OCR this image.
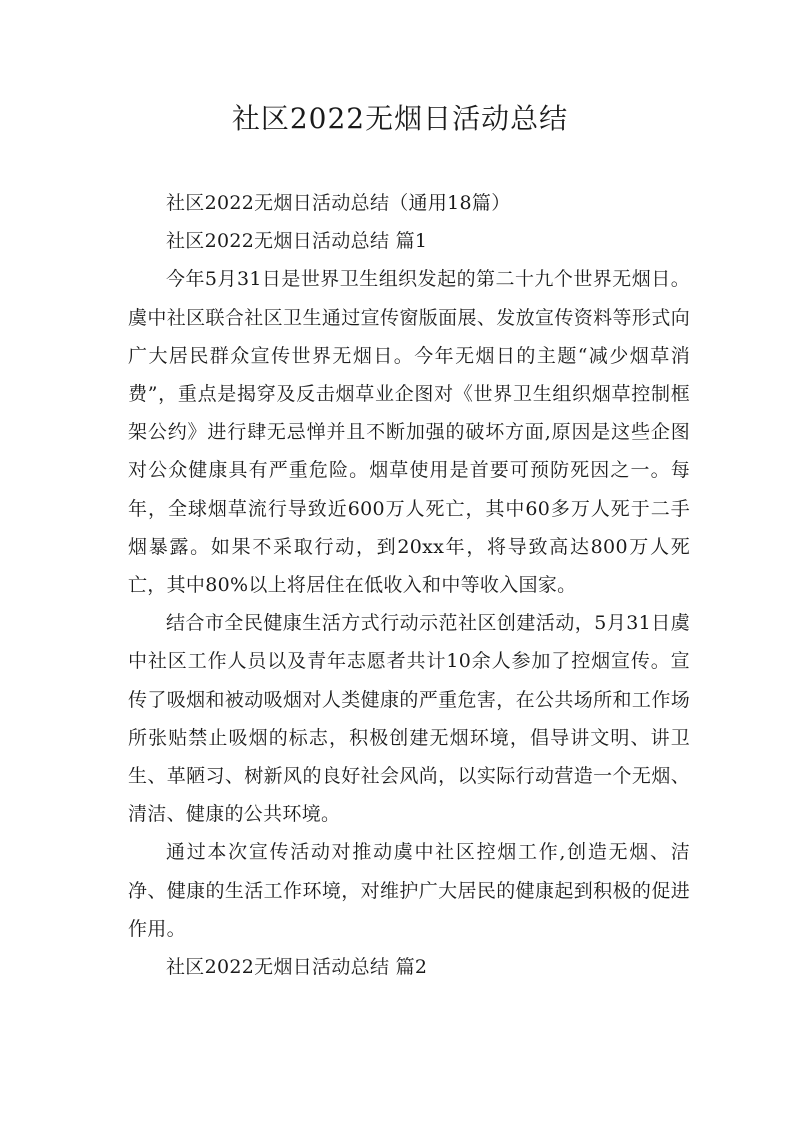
社区2022无烟日活动总结

社区2022无烟日活动总结（通用18篇）

社区2022无烟日活动总结 篇1

今年5月31日是世界卫生组织发起的第二十九个世界无烟日。虞中社区联合社区卫生通过宣传窗版面展、发放宣传资料等形式向广大居民群众宣传世界无烟日。今年无烟日的主题“减少烟草消费”，重点是揭穿及反击烟草业企图对《世界卫生组织烟草控制框架公约》进行肆无忌惮并且不断加强的破坏方面,原因是这些企图对公众健康具有严重危险。烟草使用是首要可预防死因之一。每年，全球烟草流行导致近600万人死亡，其中60多万人死于二手烟暴露。如果不采取行动，到20xx年，将导致高达800万人死亡，其中80%以上将居住在低收入和中等收入国家。

结合市全民健康生活方式行动示范社区创建活动，5月31日虞中社区工作人员以及青年志愿者共计10余人参加了控烟宣传。宣传了吸烟和被动吸烟对人类健康的严重危害，在公共场所和工作场所张贴禁止吸烟的标志，积极创建无烟环境，倡导讲文明、讲卫生、革陋习、树新风的良好社会风尚，以实际行动营造一个无烟、清洁、健康的公共环境。

通过本次宣传活动对推动虞中社区控烟工作,创造无烟、洁净、健康的生活工作环境，对维护广大居民的健康起到积极的促进作用。

社区2022无烟日活动总结 篇2
